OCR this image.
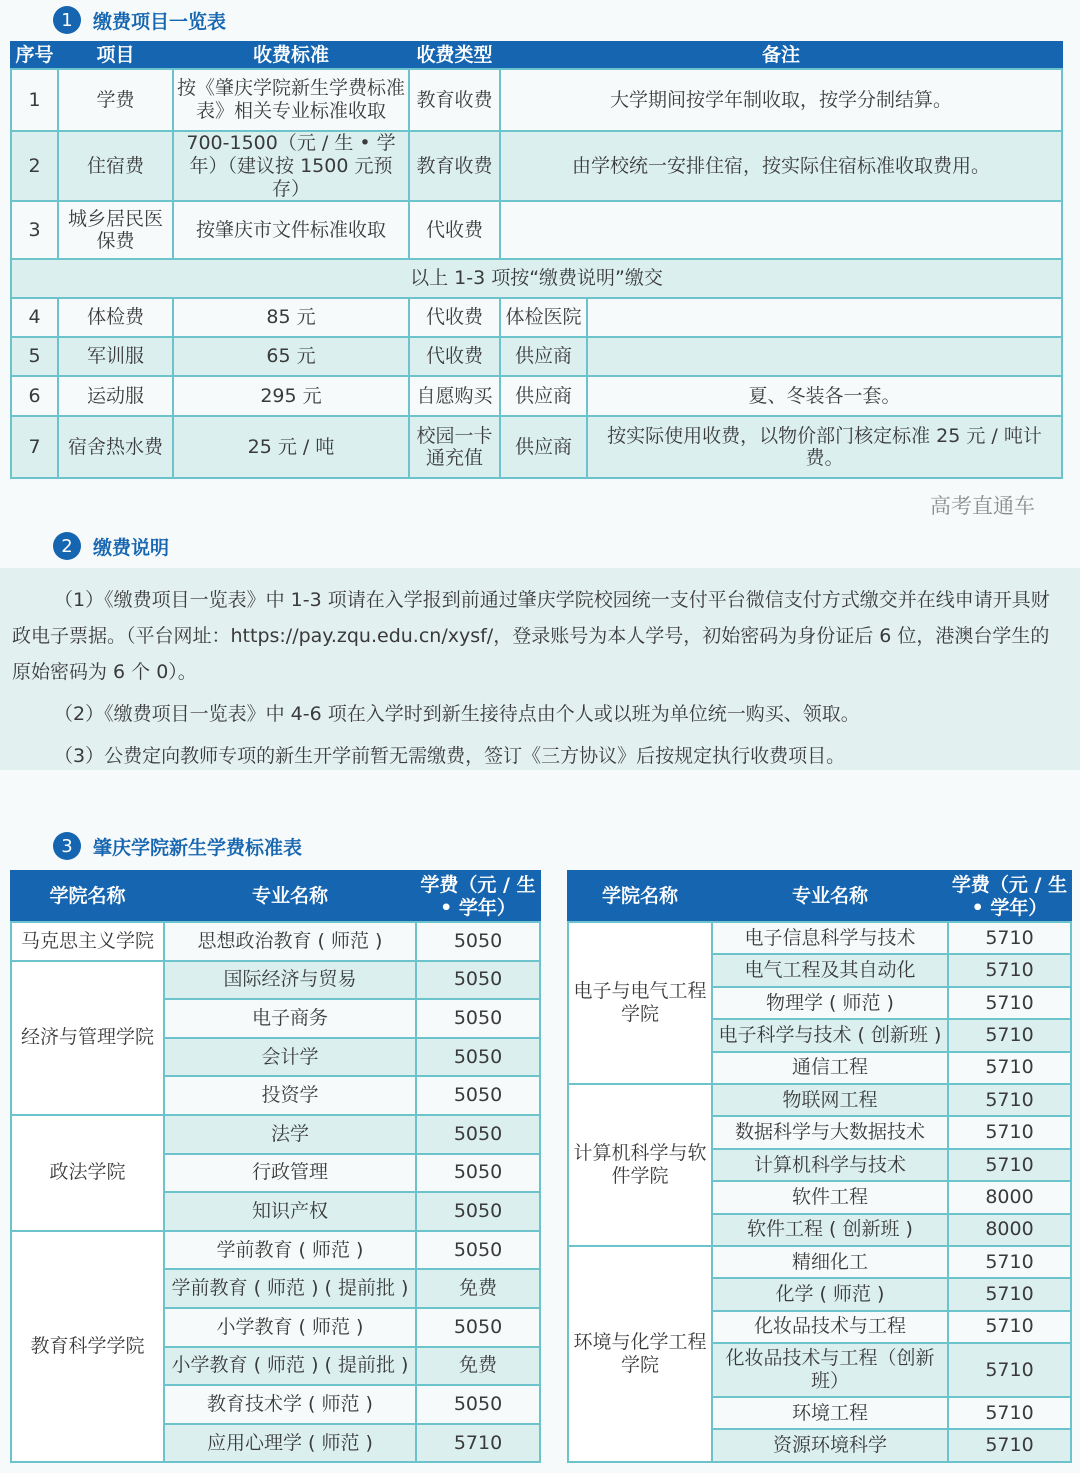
1	缴费项目一览表
序号	项目	收费标准	收费类型	备注	
1	学费	按《肇庆学院新生学费标准表》相关专业标准收取	教育收费	大学期间按学年制收取，按学分制结算。	
2	住宿费	700-1500（元 / 生 • 学年）（建议按 1500 元预存）	教育收费	由学校统一安排住宿，按实际住宿标准收取费用。	
3	城乡居民医保费	按肇庆市文件标准收取	代收费		
以上 1-3 项按“缴费说明”缴交					
4	体检费	85 元	代收费	体检医院	
5	军训服	65 元	代收费	供应商	
6	运动服	295 元	自愿购买	供应商	夏、冬装各一套。
7	宿舍热水费	25 元 / 吨	校园一卡通充值	供应商	按实际使用收费，以物价部门核定标准 25 元 / 吨计费。
2	缴费说明

（1）《缴费项目一览表》中 1-3 项请在入学报到前通过肇庆学院校园统一支付平台微信支付方式缴交并在线申请开具财政电子票据。（平台网址：https://pay.zqu.edu.cn/xysf/，登录账号为本人学号，初始密码为身份证后 6 位，港澳台学生的原始密码为 6 个 0）。

（2）《缴费项目一览表》中 4-6 项在入学时到新生接待点由个人或以班为单位统一购买、领取。

（3）公费定向教师专项的新生开学前暂无需缴费，签订《三方协议》后按规定执行收费项目。

3	肇庆学院新生学费标准表
学院名称	专业名称	学费（元 / 生 • 学年）
马克思主义学院	思想政治教育 ( 师范 )	5050
经济与管理学院	国际经济与贸易	5050
	电子商务	5050
	会计学	5050
	投资学	5050
政法学院	法学	5050
	行政管理	5050
	知识产权	5050
教育科学学院	学前教育 ( 师范 )	5050
	学前教育 ( 师范 ) ( 提前批 )	免费
	小学教育 ( 师范 )	5050
	小学教育 ( 师范 ) ( 提前批 )	免费
	教育技术学 ( 师范 )	5050
	应用心理学 ( 师范 )	5710
学院名称	专业名称	学费（元 / 生 • 学年）
电子与电气工程学院	电子信息科学与技术	5710
	电气工程及其自动化	5710
	物理学 ( 师范 )	5710
	电子科学与技术 ( 创新班 )	5710
	通信工程	5710
计算机科学与软件学院	物联网工程	5710
	数据科学与大数据技术	5710
	计算机科学与技术	5710
	软件工程	8000
	软件工程 ( 创新班 )	8000
环境与化学工程学院	精细化工	5710
	化学 ( 师范 )	5710
	化妆品技术与工程	5710
	化妆品技术与工程（创新班）	5710
	环境工程	5710
	资源环境科学	5710
高考直通车
